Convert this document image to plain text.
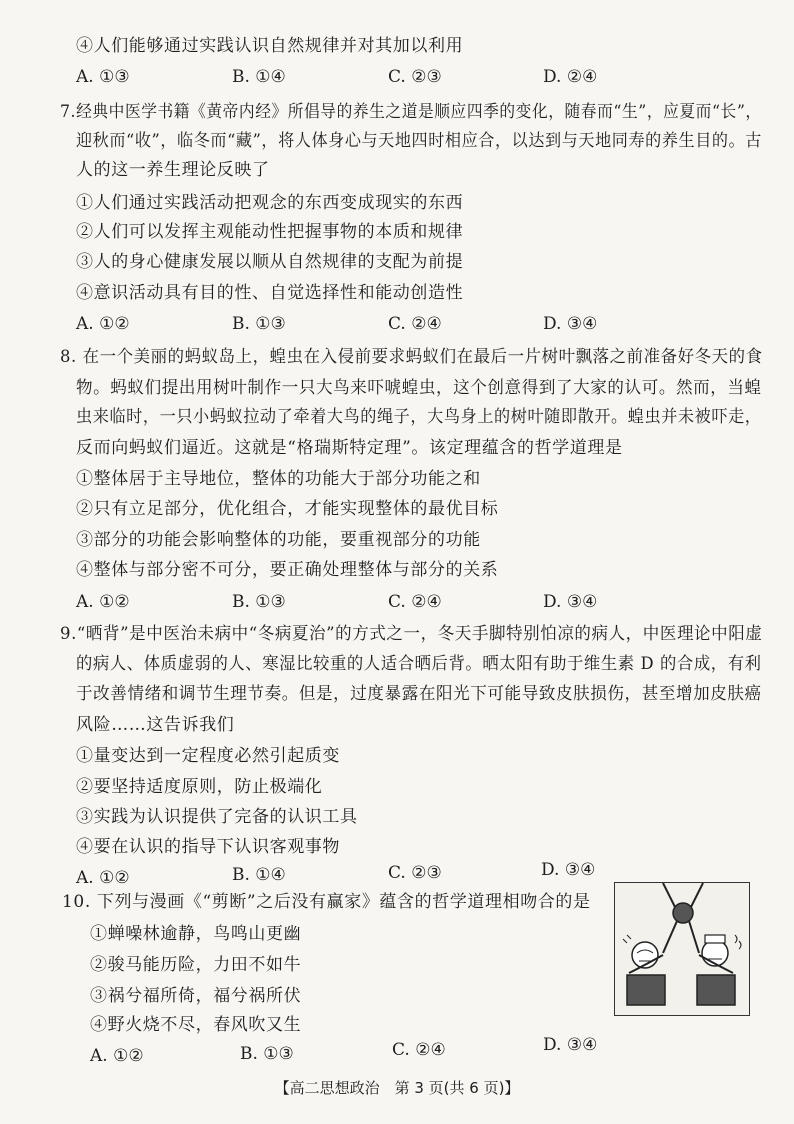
④人们能够通过实践认识自然规律并对其加以利用
A. ①③	B. ①④	C. ②③	D. ②④
7.经典中医学书籍《黄帝内经》所倡导的养生之道是顺应四季的变化，随春而“生”，应夏而“长”，
迎秋而“收”，临冬而“藏”，将人体身心与天地四时相应合，以达到与天地同寿的养生目的。古
人的这一养生理论反映了
①人们通过实践活动把观念的东西变成现实的东西
②人们可以发挥主观能动性把握事物的本质和规律
③人的身心健康发展以顺从自然规律的支配为前提
④意识活动具有目的性、自觉选择性和能动创造性
A. ①②	B. ①③	C. ②④	D. ③④
8. 在一个美丽的蚂蚁岛上，蝗虫在入侵前要求蚂蚁们在最后一片树叶飘落之前准备好冬天的食
物。蚂蚁们提出用树叶制作一只大鸟来吓唬蝗虫，这个创意得到了大家的认可。然而，当蝗
虫来临时，一只小蚂蚁拉动了牵着大鸟的绳子，大鸟身上的树叶随即散开。蝗虫并未被吓走，
反而向蚂蚁们逼近。这就是“格瑞斯特定理”。该定理蕴含的哲学道理是
①整体居于主导地位，整体的功能大于部分功能之和
②只有立足部分，优化组合，才能实现整体的最优目标
③部分的功能会影响整体的功能，要重视部分的功能
④整体与部分密不可分，要正确处理整体与部分的关系
A. ①②	B. ①③	C. ②④	D. ③④
9.“晒背”是中医治未病中“冬病夏治”的方式之一，冬天手脚特别怕凉的病人，中医理论中阳虚
的病人、体质虚弱的人、寒湿比较重的人适合晒后背。晒太阳有助于维生素 D 的合成，有利
于改善情绪和调节生理节奏。但是，过度暴露在阳光下可能导致皮肤损伤，甚至增加皮肤癌
风险……这告诉我们
①量变达到一定程度必然引起质变
②要坚持适度原则，防止极端化
③实践为认识提供了完备的认识工具
④要在认识的指导下认识客观事物
A. ①②	B. ①④	C. ②③	D. ③④
10. 下列与漫画《“剪断”之后没有赢家》蕴含的哲学道理相吻合的是
①蝉噪林逾静，鸟鸣山更幽
②骏马能历险，力田不如牛
③祸兮福所倚，福兮祸所伏
④野火烧不尽，春风吹又生
A. ①②	B. ①③	C. ②④	D. ③④
【高二思想政治　第 3 页(共 6 页)】
